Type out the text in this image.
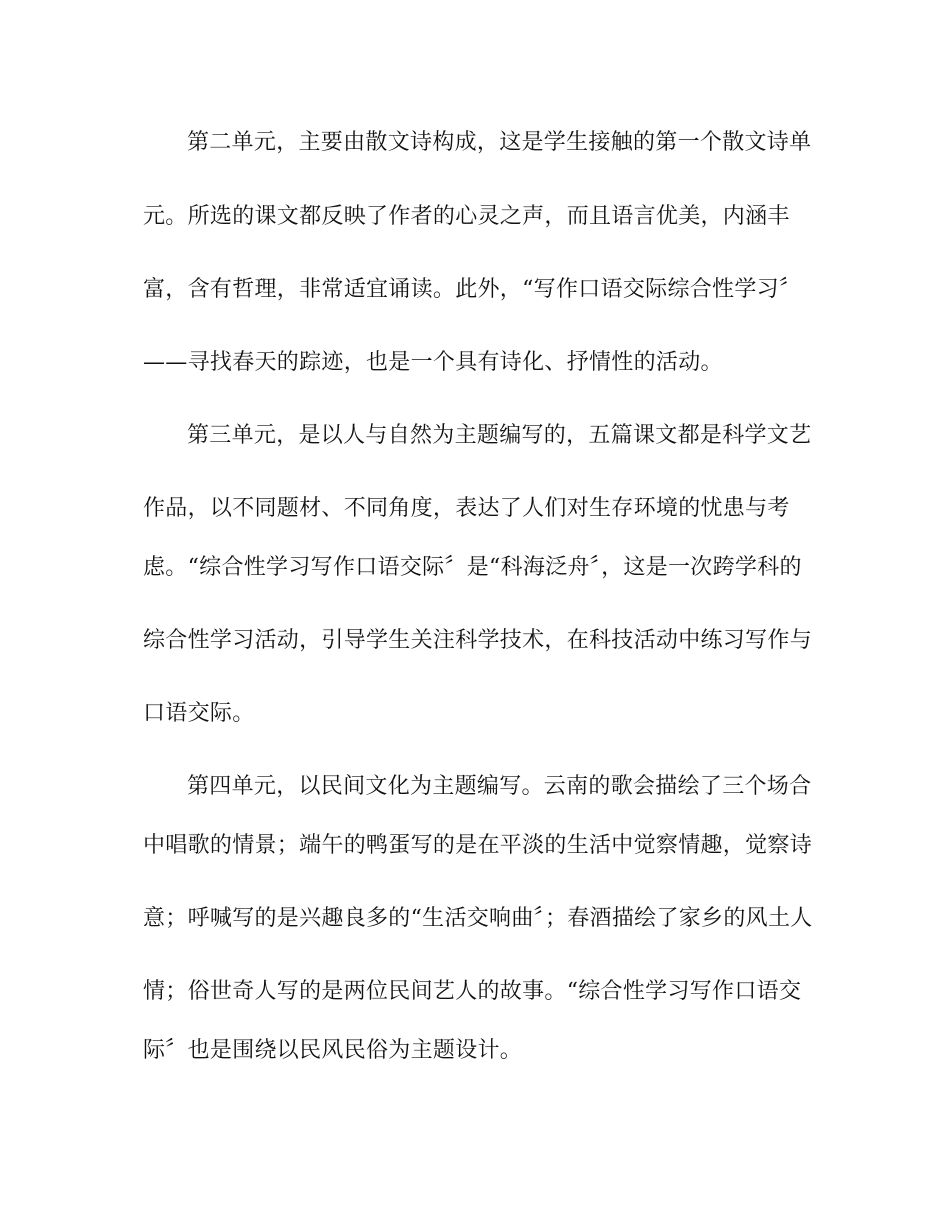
第二单元，主要由散文诗构成，这是学生接触的第一个散文诗单
元。所选的课文都反映了作者的心灵之声，而且语言优美，内涵丰
富，含有哲理，非常适宜诵读。此外，“写作口语交际综合性学习〞
——寻找春天的踪迹，也是一个具有诗化、抒情性的活动。
第三单元，是以人与自然为主题编写的，五篇课文都是科学文艺
作品，以不同题材、不同角度，表达了人们对生存环境的忧患与考
虑。“综合性学习写作口语交际〞是“科海泛舟〞，这是一次跨学科的
综合性学习活动，引导学生关注科学技术，在科技活动中练习写作与
口语交际。
第四单元，以民间文化为主题编写。云南的歌会描绘了三个场合
中唱歌的情景；端午的鸭蛋写的是在平淡的生活中觉察情趣，觉察诗
意；呼喊写的是兴趣良多的“生活交响曲〞；春酒描绘了家乡的风土人
情；俗世奇人写的是两位民间艺人的故事。“综合性学习写作口语交
际〞也是围绕以民风民俗为主题设计。
